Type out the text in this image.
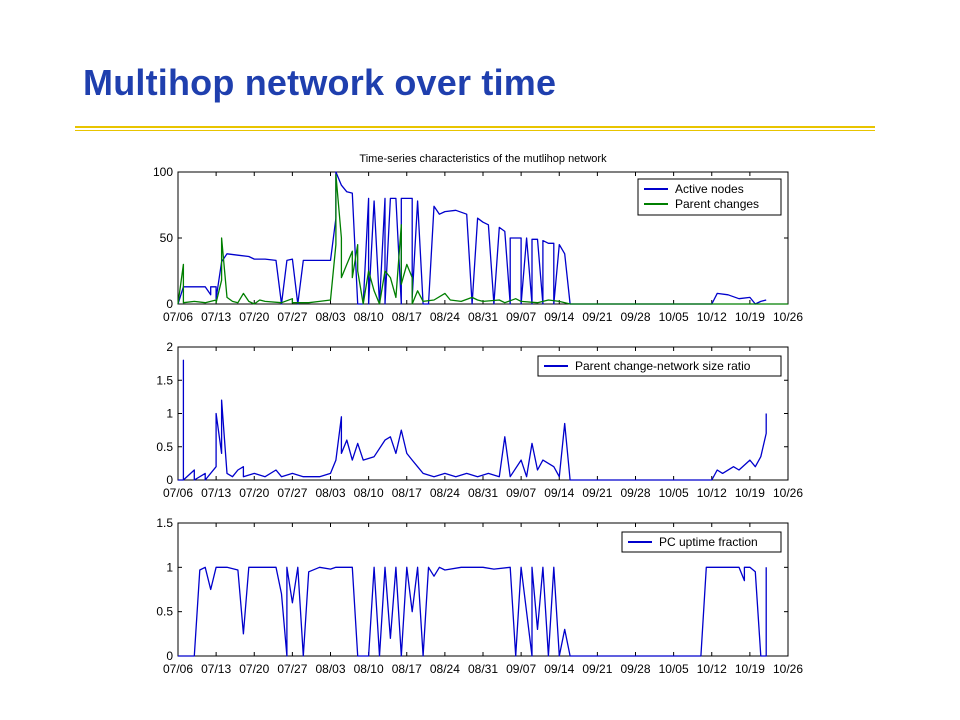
Multihop network over time
Time-series characteristics of the mutlihop network
07/06 07/13 07/20 07/27 08/03 08/10 08/17 08/24 08/31 09/07 09/14 09/21 09/28 10/05 10/12 10/19 10/26
0
50
100
Active nodes
Parent changes
07/06 07/13 07/20 07/27 08/03 08/10 08/17 08/24 08/31 09/07 09/14 09/21 09/28 10/05 10/12 10/19 10/26
0
0.5
1
1.5
2
Parent change-network size ratio
07/06 07/13 07/20 07/27 08/03 08/10 08/17 08/24 08/31 09/07 09/14 09/21 09/28 10/05 10/12 10/19 10/26
0
0.5
1
1.5
PC uptime fraction
